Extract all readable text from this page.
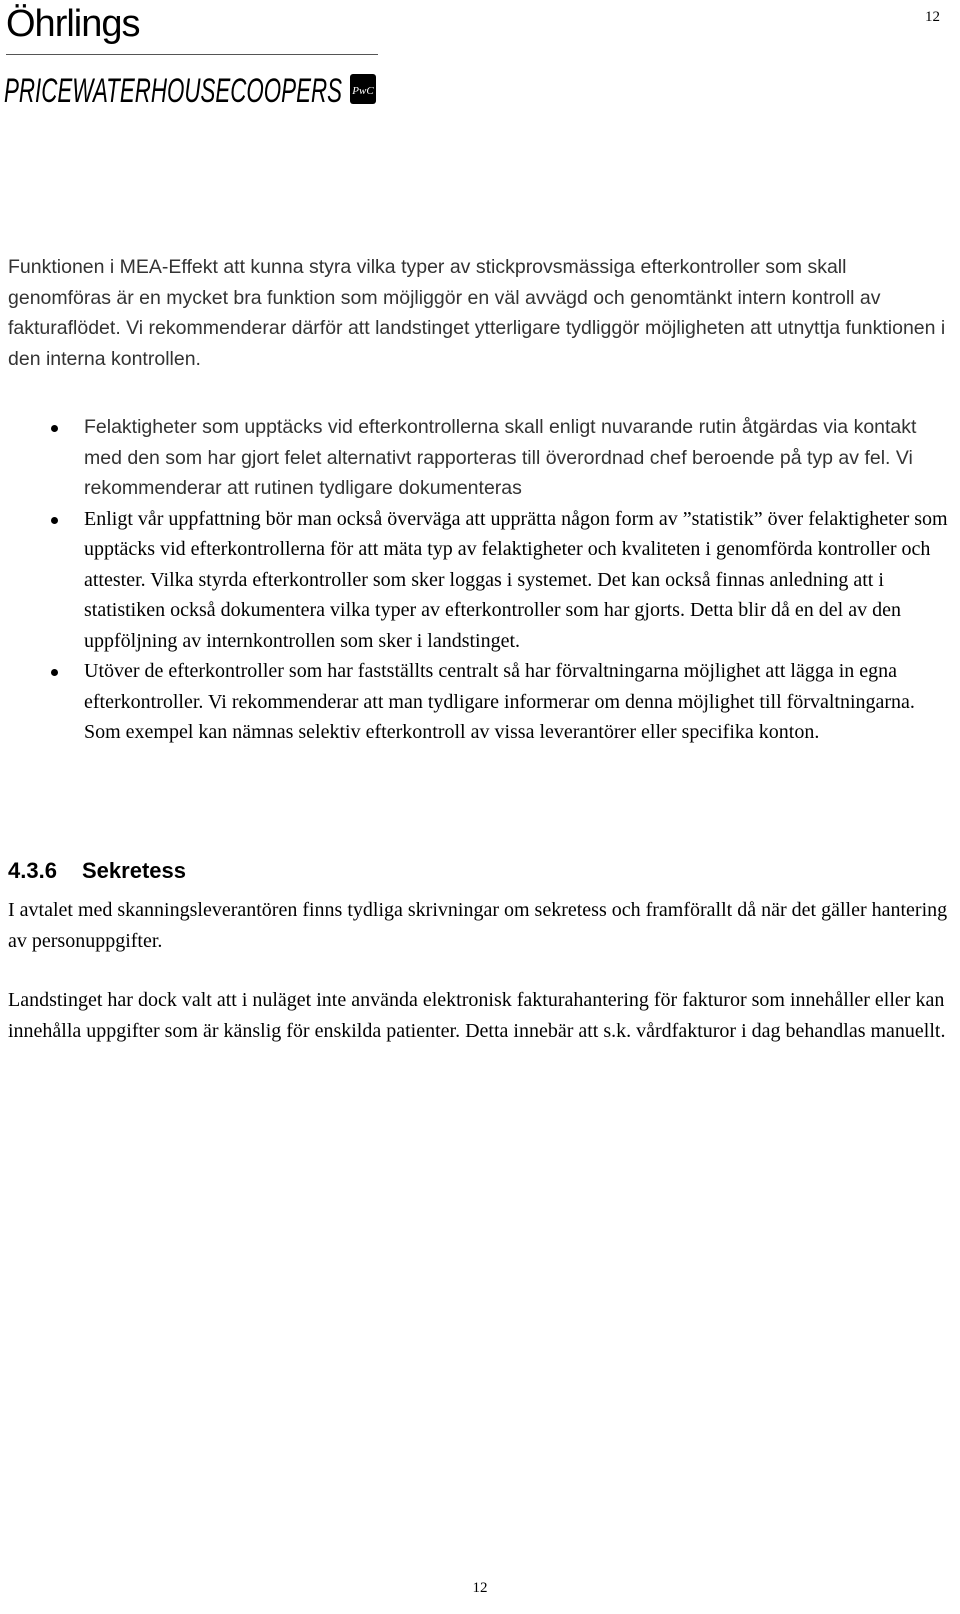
Öhrlings
PRICEWATERHOUSECOOPERS PwC
12

Funktionen i MEA-Effekt att kunna styra vilka typer av stickprovsmässiga efterkontroller som skall genomföras är en mycket bra funktion som möjliggör en väl avvägd och genomtänkt intern kontroll av fakturaflödet. Vi rekommenderar därför att landstinget ytterligare tydliggör möjligheten att utnyttja funktionen i den interna kontrollen.

Felaktigheter som upptäcks vid efterkontrollerna skall enligt nuvarande rutin åtgärdas via kontakt med den som har gjort felet alternativt rapporteras till överordnad chef beroende på typ av fel. Vi rekommenderar att rutinen tydligare dokumenteras
Enligt vår uppfattning bör man också överväga att upprätta någon form av ”statistik” över felaktigheter som upptäcks vid efterkontrollerna för att mäta typ av felaktigheter och kvaliteten i genomförda kontroller och attester. Vilka styrda efterkontroller som sker loggas i systemet. Det kan också finnas anledning att i statistiken också dokumentera vilka typer av efterkontroller som har gjorts. Detta blir då en del av den uppföljning av internkontrollen som sker i landstinget.
Utöver de efterkontroller som har fastställts centralt så har förvaltningarna möjlighet att lägga in egna efterkontroller. Vi rekommenderar att man tydligare informerar om denna möjlighet till förvaltningarna. Som exempel kan nämnas selektiv efterkontroll av vissa leverantörer eller specifika konton.
4.3.6 Sekretess

I avtalet med skanningsleverantören finns tydliga skrivningar om sekretess och framförallt då när det gäller hantering av personuppgifter.

Landstinget har dock valt att i nuläget inte använda elektronisk fakturahantering för fakturor som innehåller eller kan innehålla uppgifter som är känslig för enskilda patienter. Detta innebär att s.k. vårdfakturor i dag behandlas manuellt.

12
